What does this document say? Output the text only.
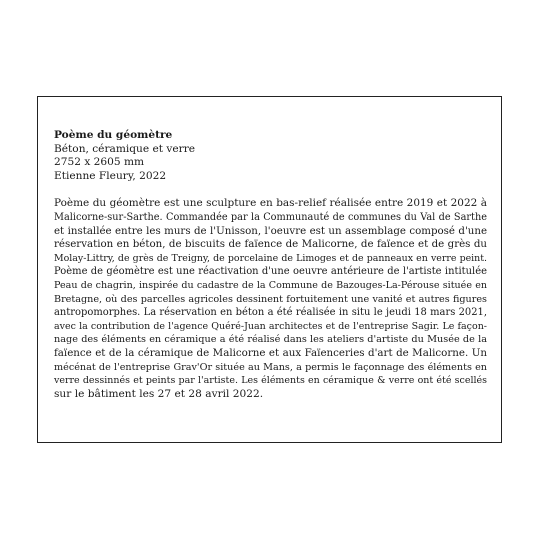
Poème du géomètre
Béton, céramique et verre
2752 x 2605 mm
Etienne Fleury, 2022
Poème du géomètre est une sculpture en bas-relief réalisée entre 2019 et 2022 à
Malicorne-sur-Sarthe. Commandée par la Communauté de communes du Val de Sarthe
et installée entre les murs de l'Unisson, l'oeuvre est un assemblage composé d'une
réservation en béton, de biscuits de faïence de Malicorne, de faïence et de grès du
Molay-Littry, de grès de Treigny, de porcelaine de Limoges et de panneaux en verre peint.
Poème de géomètre est une réactivation d'une oeuvre antérieure de l'artiste intitulée
Peau de chagrin, inspirée du cadastre de la Commune de Bazouges-La-Pérouse située en
Bretagne, où des parcelles agricoles dessinent fortuitement une vanité et autres figures
antropomorphes. La réservation en béton a été réalisée in situ le jeudi 18 mars 2021,
avec la contribution de l'agence Quéré-Juan architectes et de l'entreprise Sagir. Le façon-
nage des éléments en céramique a été réalisé dans les ateliers d'artiste du Musée de la
faïence et de la céramique de Malicorne et aux Faïenceries d'art de Malicorne. Un
mécénat de l'entreprise Grav'Or située au Mans, a permis le façonnage des éléments en
verre dessinnés et peints par l'artiste. Les éléments en céramique & verre ont été scellés
sur le bâtiment les 27 et 28 avril 2022.
